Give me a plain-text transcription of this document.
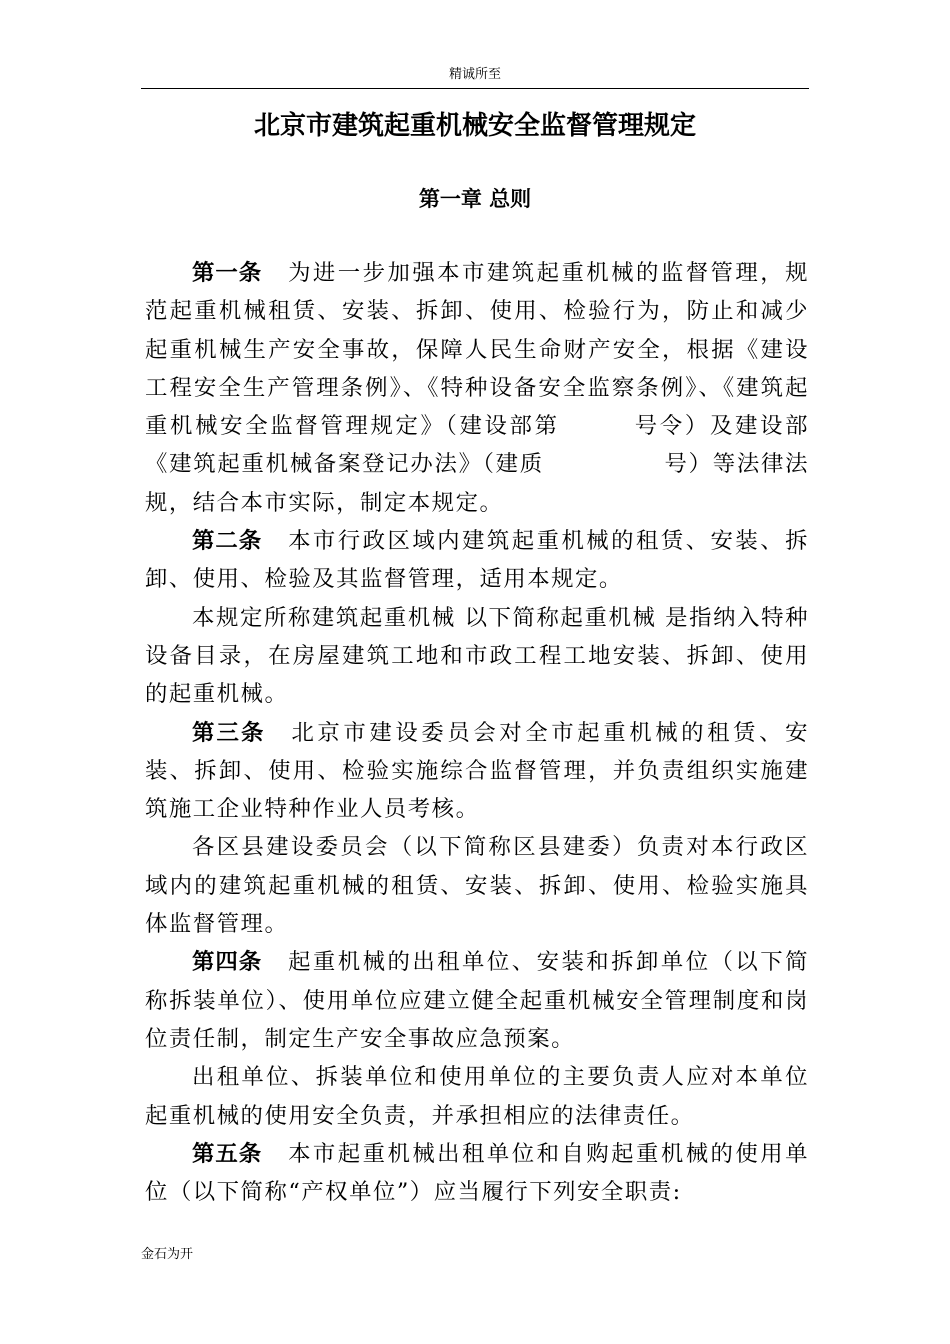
精诚所至
北京市建筑起重机械安全监督管理规定
第一章 总则

第一条 为进一步加强本市建筑起重机械的监督管理，规范起重机械租赁、安装、拆卸、使用、检验行为，防止和减少起重机械生产安全事故，保障人民生命财产安全，根据《建设工程安全生产管理条例》、《特种设备安全监察条例》、《建筑起重机械安全监督管理规定》（建设部第　　　号令）及建设部《建筑起重机械备案登记办法》（建质　　　　　号）等法律法规，结合本市实际，制定本规定。

第二条 本市行政区域内建筑起重机械的租赁、安装、拆卸、使用、检验及其监督管理，适用本规定。

本规定所称建筑起重机械 以下简称起重机械 是指纳入特种设备目录，在房屋建筑工地和市政工程工地安装、拆卸、使用的起重机械。

第三条 北京市建设委员会对全市起重机械的租赁、安装、拆卸、使用、检验实施综合监督管理，并负责组织实施建筑施工企业特种作业人员考核。

各区县建设委员会（以下简称区县建委）负责对本行政区域内的建筑起重机械的租赁、安装、拆卸、使用、检验实施具体监督管理。

第四条 起重机械的出租单位、安装和拆卸单位（以下简称拆装单位）、使用单位应建立健全起重机械安全管理制度和岗位责任制，制定生产安全事故应急预案。

出租单位、拆装单位和使用单位的主要负责人应对本单位起重机械的使用安全负责，并承担相应的法律责任。

第五条 本市起重机械出租单位和自购起重机械的使用单位（以下简称“产权单位”）应当履行下列安全职责:

金石为开
